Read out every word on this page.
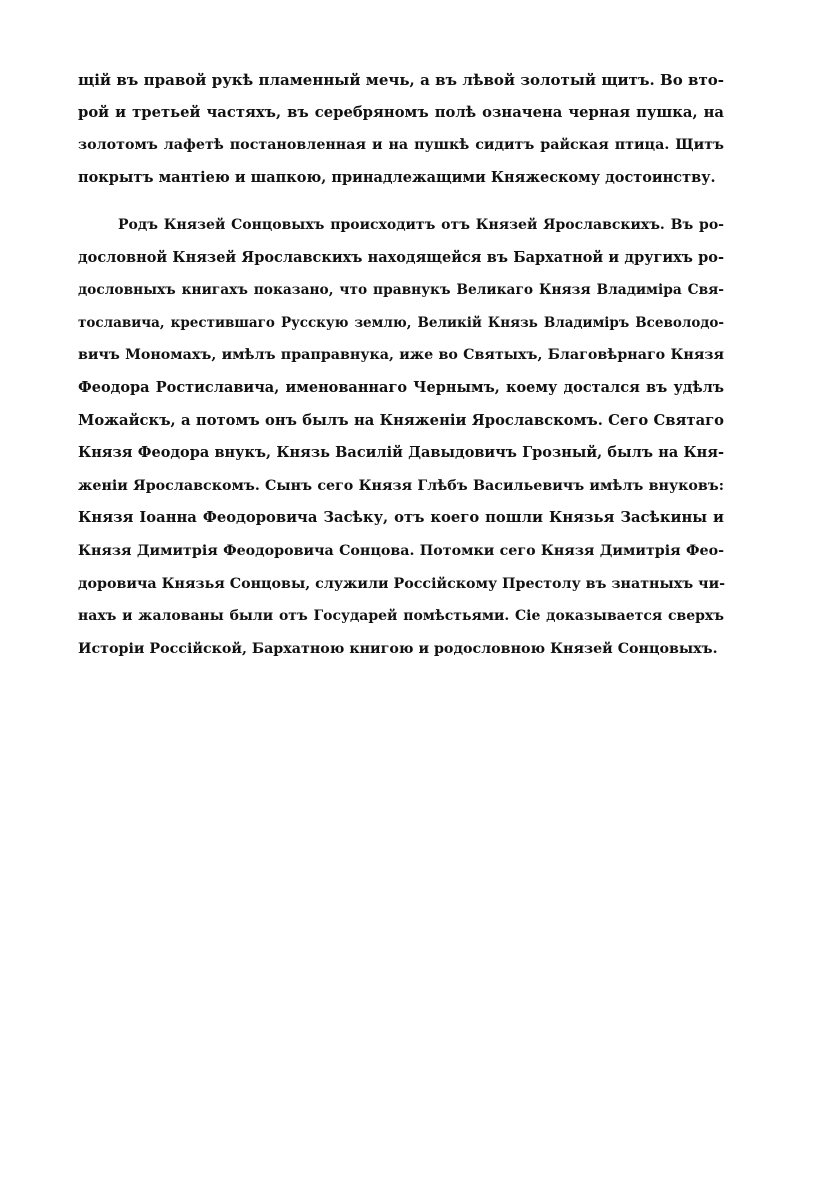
щій въ правой рукѣ пламенный мечь, а въ лѣвой золотый щитъ. Во вто-
рой и третьей частяхъ, въ серебряномъ полѣ означена черная пушка, на
золотомъ лафетѣ постановленная и на пушкѣ сидитъ райская птица. Щитъ
покрытъ мантіею и шапкою, принадлежащими Княжескому достоинству.
Родъ Князей Сонцовыхъ происходитъ отъ Князей Ярославскихъ. Въ ро-
дословной Князей Ярославскихъ находящейся въ Бархатной и другихъ ро-
дословныхъ книгахъ показано, что правнукъ Великаго Князя Владиміра Свя-
тославича, крестившаго Русскую землю, Великій Князь Владиміръ Всеволодо-
вичъ Мономахъ, имѣлъ праправнука, иже во Святыхъ, Благовѣрнаго Князя
Феодора Ростиславича, именованнаго Чернымъ, коему достался въ удѣлъ
Можайскъ, а потомъ онъ былъ на Княженіи Ярославскомъ. Сего Святаго
Князя Феодора внукъ, Князь Василій Давыдовичъ Грозный, былъ на Кня-
женіи Ярославскомъ. Сынъ сего Князя Глѣбъ Васильевичъ имѣлъ внуковъ:
Князя Іоанна Феодоровича Засѣку, отъ коего пошли Князья Засѣкины и
Князя Димитрія Феодоровича Сонцова. Потомки сего Князя Димитрія Фео-
доровича Князья Сонцовы, служили Россійскому Престолу въ знатныхъ чи-
нахъ и жалованы были отъ Государей помѣстьями. Сіе доказывается сверхъ
Исторіи Россійской, Бархатною книгою и родословною Князей Сонцовыхъ.
